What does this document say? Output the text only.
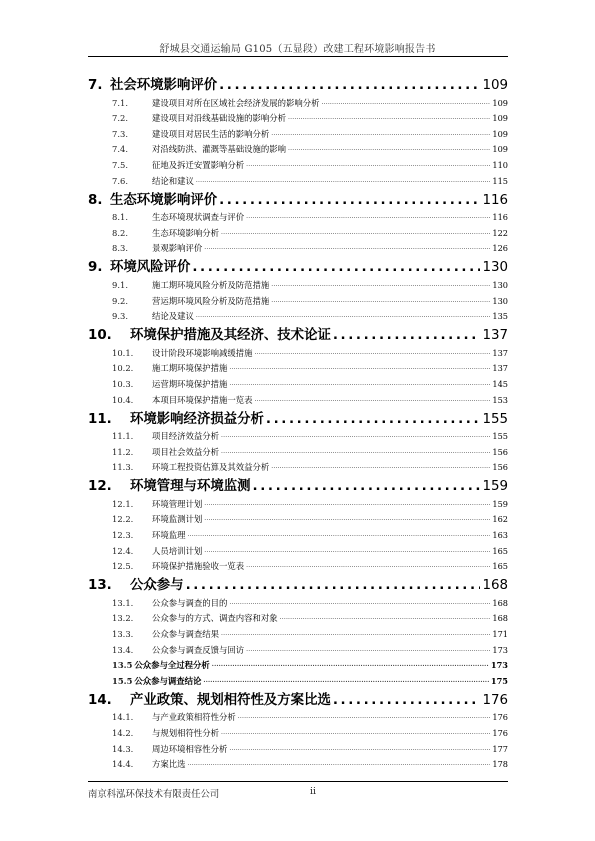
舒城县交通运输局 G105（五显段）改建工程环境影响报告书
7. 社会环境影响评价 .....	109
7.1.	建设项目对所在区域社会经济发展的影响分析 .....	109
7.2.	建设项目对沿线基础设施的影响分析 .....	109
7.3.	建设项目对居民生活的影响分析 .....	109
7.4.	对沿线防洪、灌溉等基础设施的影响 .....	109
7.5.	征地及拆迁安置影响分析 .....	110
7.6.	结论和建议 .....	115
8. 生态环境影响评价 .....	116
8.1.	生态环境现状调查与评价 .....	116
8.2.	生态环境影响分析 .....	122
8.3.	景观影响评价 .....	126
9. 环境风险评价 .....	130
9.1.	施工期环境风险分析及防范措施 .....	130
9.2.	营运期环境风险分析及防范措施 .....	130
9.3.	结论及建议 .....	135
10.	环境保护措施及其经济、技术论证 .....	137
10.1.	设计阶段环境影响减缓措施 .....	137
10.2.	施工期环境保护措施 .....	137
10.3.	运营期环境保护措施 .....	145
10.4.	本项目环境保护措施一览表 .....	153
11.	环境影响经济损益分析 .....	155
11.1.	项目经济效益分析 .....	155
11.2.	项目社会效益分析 .....	156
11.3.	环境工程投资估算及其效益分析 .....	156
12.	环境管理与环境监测 .....	159
12.1.	环境管理计划 .....	159
12.2.	环境监测计划 .....	162
12.3.	环境监理 .....	163
12.4.	人员培训计划 .....	165
12.5.	环境保护措施验收一览表 .....	165
13.	公众参与 .....	168
13.1.	公众参与调查的目的 .....	168
13.2.	公众参与的方式、调查内容和对象 .....	168
13.3.	公众参与调查结果 .....	171
13.4.	公众参与调查反馈与回访 .....	173
13.5 公众参与全过程分析 .....	173
15.5 公众参与调查结论 .....	175
14.	产业政策、规划相符性及方案比选 .....	176
14.1.	与产业政策相符性分析 .....	176
14.2.	与规划相符性分析 .....	176
14.3.	周边环境相容性分析 .....	177
14.4.	方案比选 .....	178
南京科泓环保技术有限责任公司	ii
